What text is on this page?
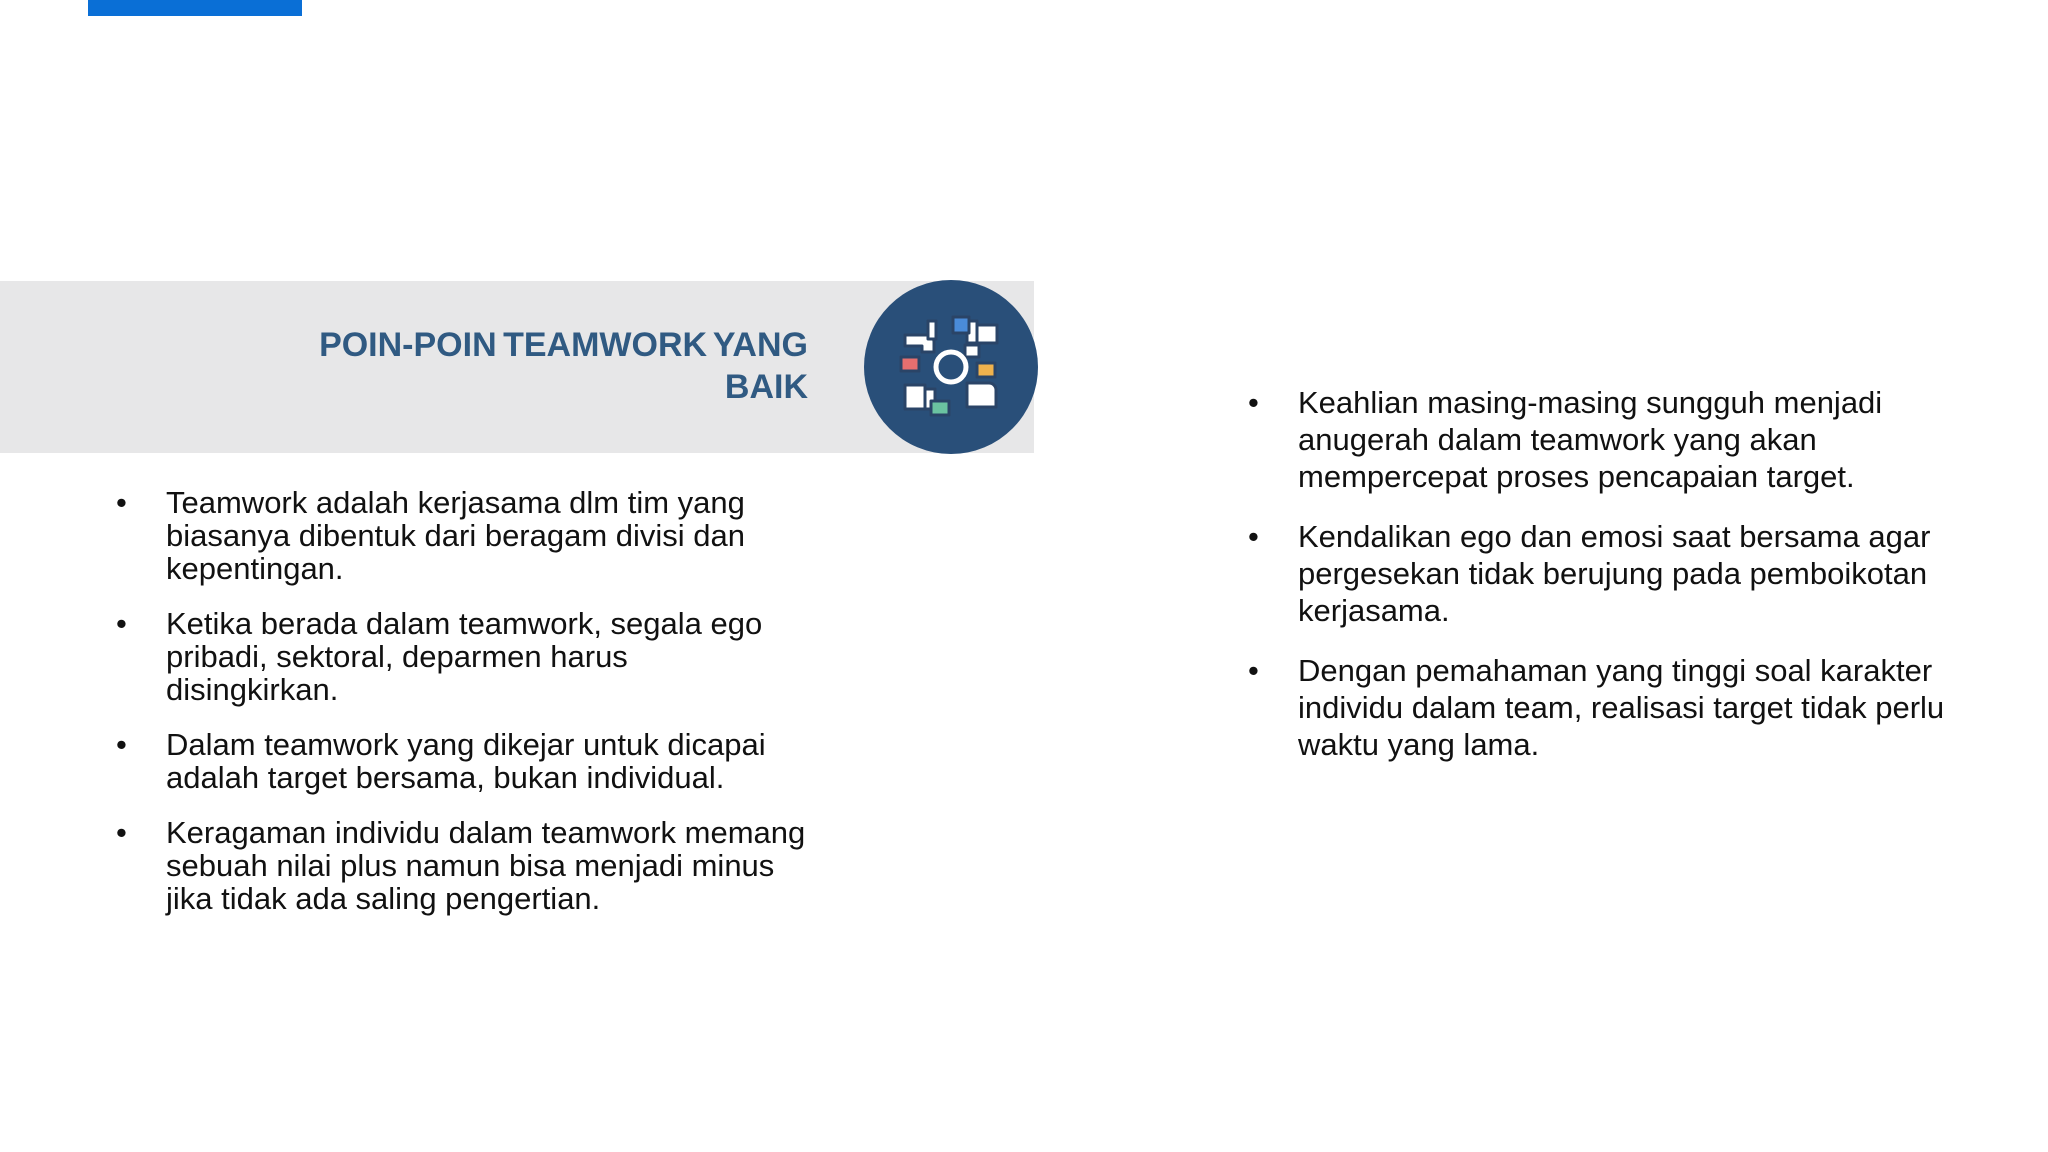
POIN-POIN TEAMWORK YANG
BAIK
•	Teamwork adalah kerjasama dlm tim yang biasanya dibentuk dari beragam divisi dan kepentingan.
•	Ketika berada dalam teamwork, segala ego pribadi, sektoral, deparmen harus disingkirkan.
•	Dalam teamwork yang dikejar untuk dicapai adalah target bersama, bukan individual.
•	Keragaman individu dalam teamwork memang sebuah nilai plus namun bisa menjadi minus jika tidak ada saling pengertian.
•	Keahlian masing-masing sungguh menjadi anugerah dalam teamwork yang akan mempercepat proses pencapaian target.
•	Kendalikan ego dan emosi saat bersama agar pergesekan tidak berujung pada pemboikotan kerjasama.
•	Dengan pemahaman yang tinggi soal karakter individu dalam team, realisasi target tidak perlu waktu yang lama.
